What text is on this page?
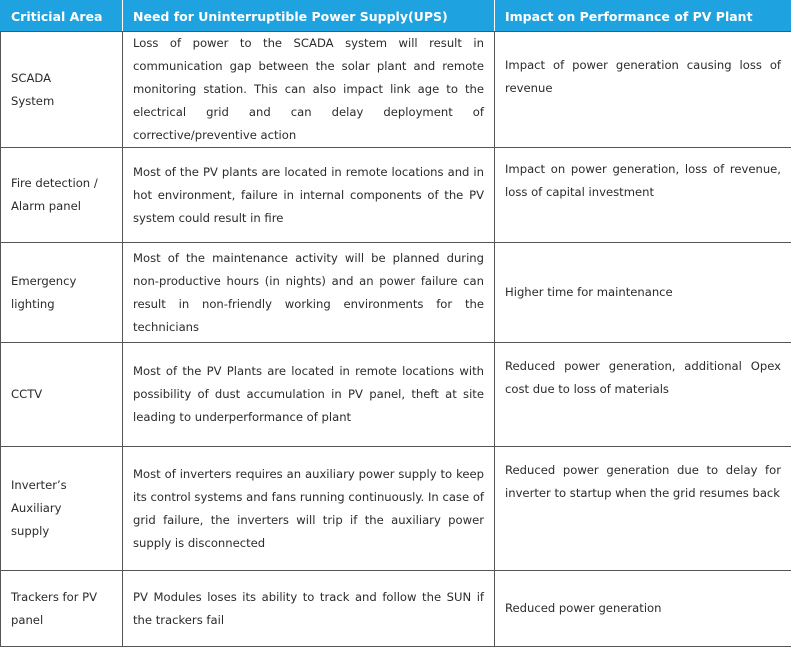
Criticial Area	Need for Uninterruptible Power Supply(UPS)	Impact on Performance of PV Plant
SCADA System	Loss of power to the SCADA system will result in communication gap between the solar plant and remote monitoring station. This can also impact link age to the electrical grid and can delay deployment of corrective/preventive action	Impact of power generation causing loss of revenue
Fire detection / Alarm panel	Most of the PV plants are located in remote locations and in hot environment, failure in internal components of the PV system could result in fire	Impact on power generation, loss of revenue, loss of capital investment
Emergency lighting	Most of the maintenance activity will be planned during non-productive hours (in nights) and an power failure can result in non-friendly working environments for the technicians	Higher time for maintenance
CCTV	Most of the PV Plants are located in remote locations with possibility of dust accumulation in PV panel, theft at site leading to underperformance of plant	Reduced power generation, additional Opex cost due to loss of materials
Inverter’s Auxiliary supply	Most of inverters requires an auxiliary power supply to keep its control systems and fans running continuously. In case of grid failure, the inverters will trip if the auxiliary power supply is disconnected	Reduced power generation due to delay for inverter to startup when the grid resumes back
Trackers for PV panel	PV Modules loses its ability to track and follow the SUN if the trackers fail	Reduced power generation
